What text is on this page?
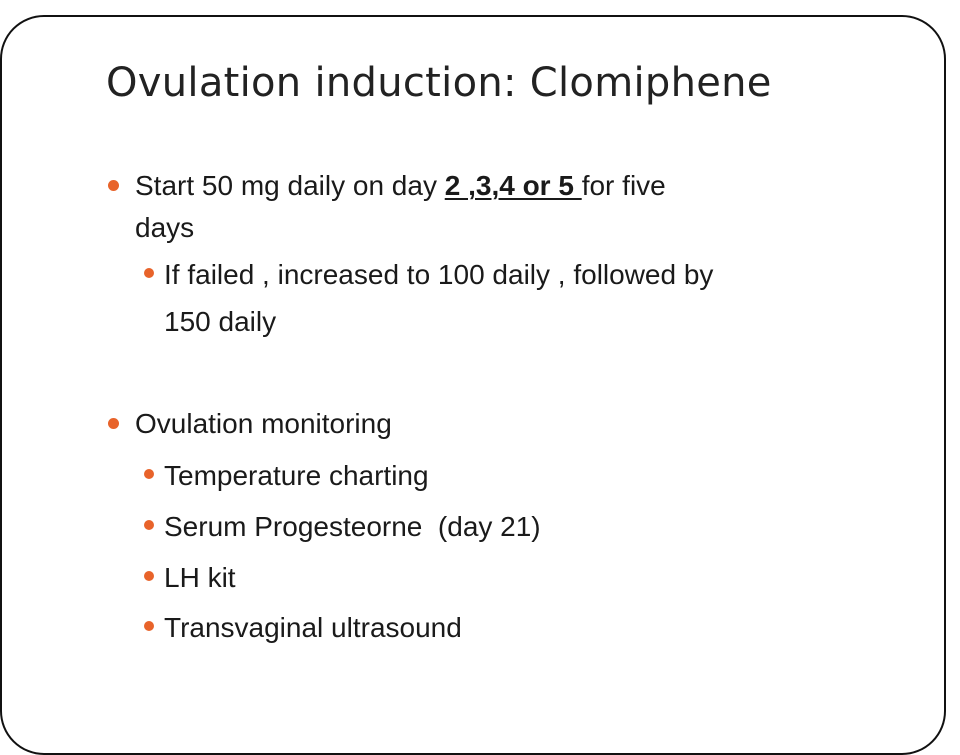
Ovulation induction: Clomiphene
Start 50 mg daily on day 2 ,3,4 or 5 for five
days
If failed , increased to 100 daily , followed by
150 daily
Ovulation monitoring
Temperature charting
Serum Progesteorne  (day 21)
LH kit
Transvaginal ultrasound
